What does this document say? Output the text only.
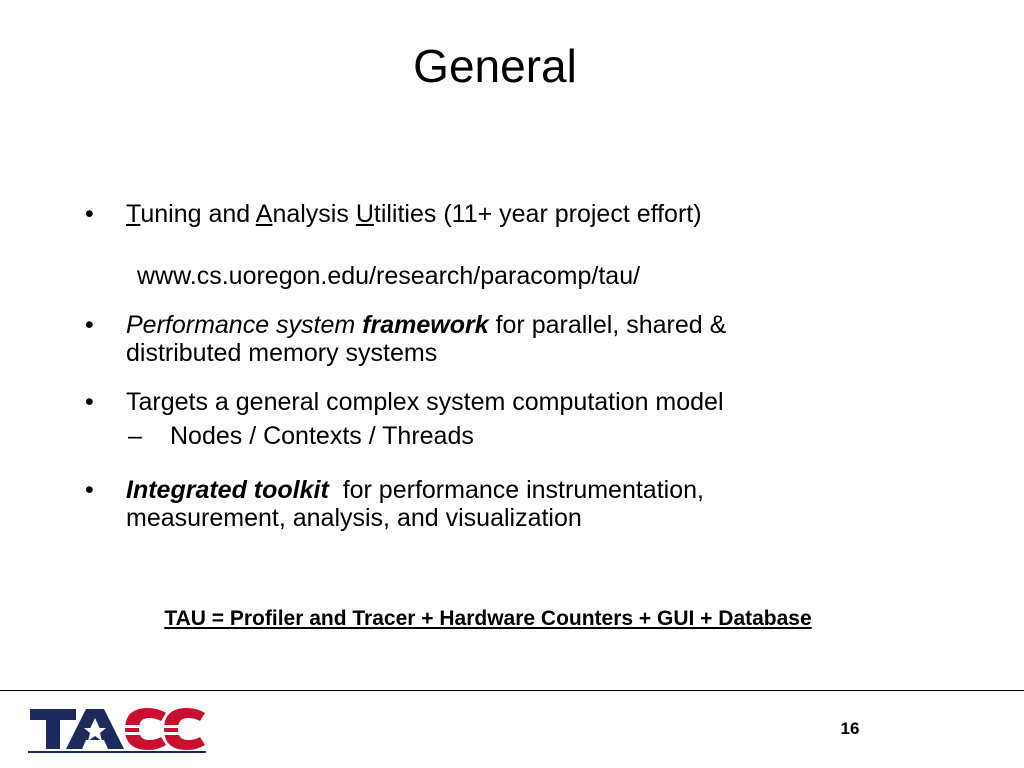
General
• Tuning and Analysis Utilities (11+ year project effort)
www.cs.uoregon.edu/research/paracomp/tau/
• Performance system framework for parallel, shared & distributed memory systems
• Targets a general complex system computation model
– Nodes / Contexts / Threads
• Integrated toolkit  for performance instrumentation, measurement, analysis, and visualization
TAU = Profiler and Tracer + Hardware Counters + GUI + Database
16
